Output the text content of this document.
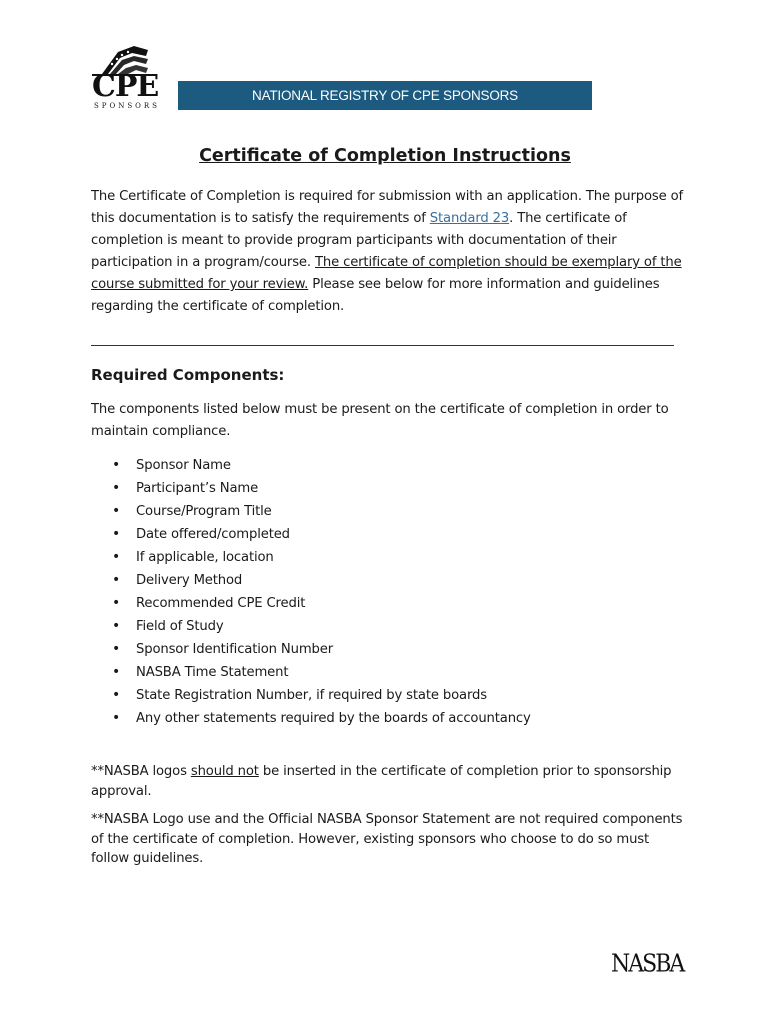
CPE
SPONSORS
NATIONAL REGISTRY OF CPE SPONSORS
Certificate of Completion Instructions

The Certificate of Completion is required for submission with an application. The purpose of this documentation is to satisfy the requirements of Standard 23. The certificate of completion is meant to provide program participants with documentation of their participation in a program/course. The certificate of completion should be exemplary of the course submitted for your review. Please see below for more information and guidelines regarding the certificate of completion.

Required Components:

The components listed below must be present on the certificate of completion in order to maintain compliance.

• Sponsor Name
• Participant’s Name
• Course/Program Title
• Date offered/completed
• If applicable, location
• Delivery Method
• Recommended CPE Credit
• Field of Study
• Sponsor Identification Number
• NASBA Time Statement
• State Registration Number, if required by state boards
• Any other statements required by the boards of accountancy

**NASBA logos should not be inserted in the certificate of completion prior to sponsorship approval.

**NASBA Logo use and the Official NASBA Sponsor Statement are not required components of the certificate of completion. However, existing sponsors who choose to do so must follow guidelines.

NASBA
